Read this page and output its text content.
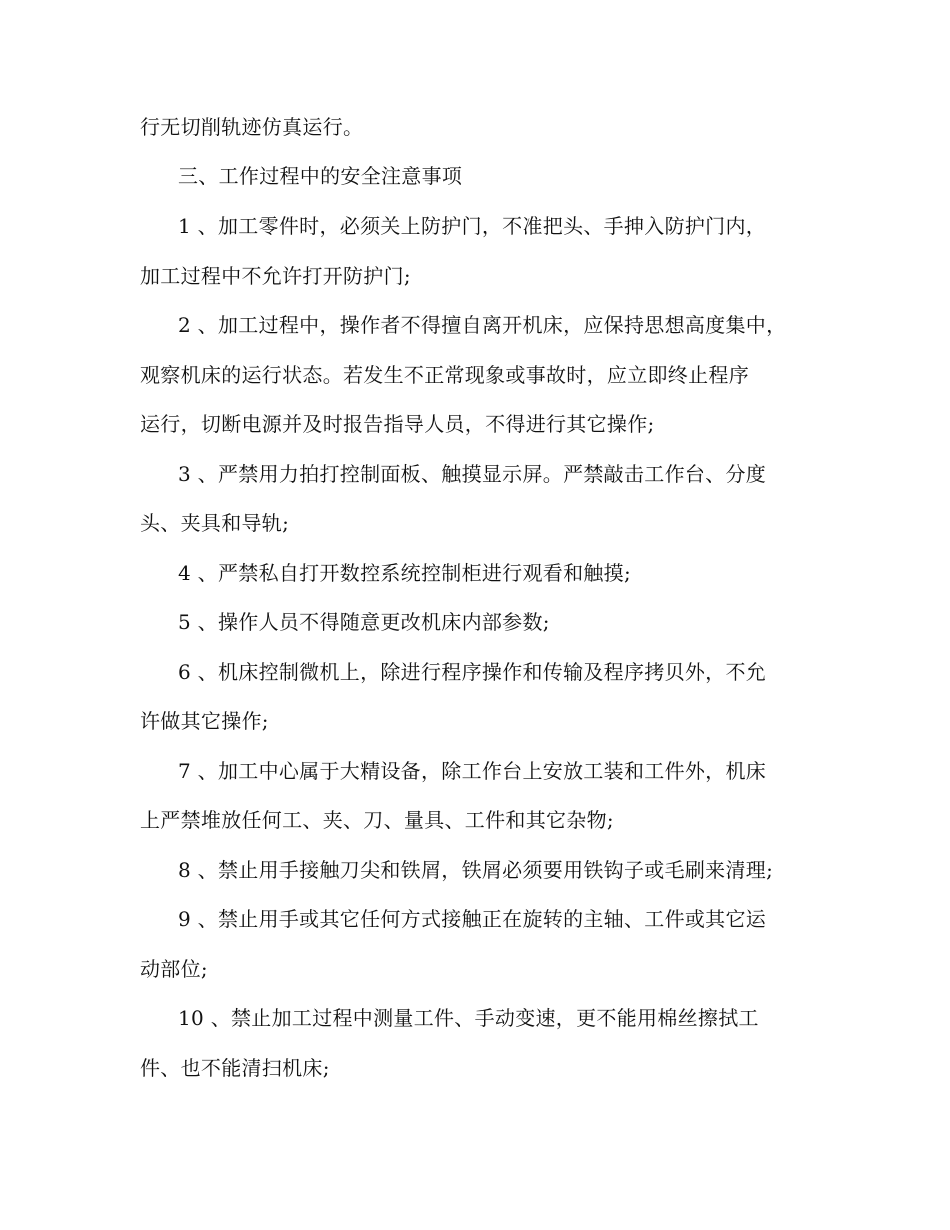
行无切削轨迹仿真运行。
三、工作过程中的安全注意事项
1 、加工零件时，必须关上防护门，不准把头、手抻入防护门内，
加工过程中不允许打开防护门;
2 、加工过程中，操作者不得擅自离开机床，应保持思想高度集中，
观察机床的运行状态。若发生不正常现象或事故时，应立即终止程序
运行，切断电源并及时报告指导人员，不得进行其它操作;
3 、严禁用力拍打控制面板、触摸显示屏。严禁敲击工作台、分度
头、夹具和导轨;
4 、严禁私自打开数控系统控制柜进行观看和触摸;
5 、操作人员不得随意更改机床内部参数;
6 、机床控制微机上，除进行程序操作和传输及程序拷贝外，不允
许做其它操作;
7 、加工中心属于大精设备，除工作台上安放工装和工件外，机床
上严禁堆放任何工、夹、刀、量具、工件和其它杂物;
8 、禁止用手接触刀尖和铁屑，铁屑必须要用铁钩子或毛刷来清理;
9 、禁止用手或其它任何方式接触正在旋转的主轴、工件或其它运
动部位;
10 、禁止加工过程中测量工件、手动变速，更不能用棉丝擦拭工
件、也不能清扫机床;
